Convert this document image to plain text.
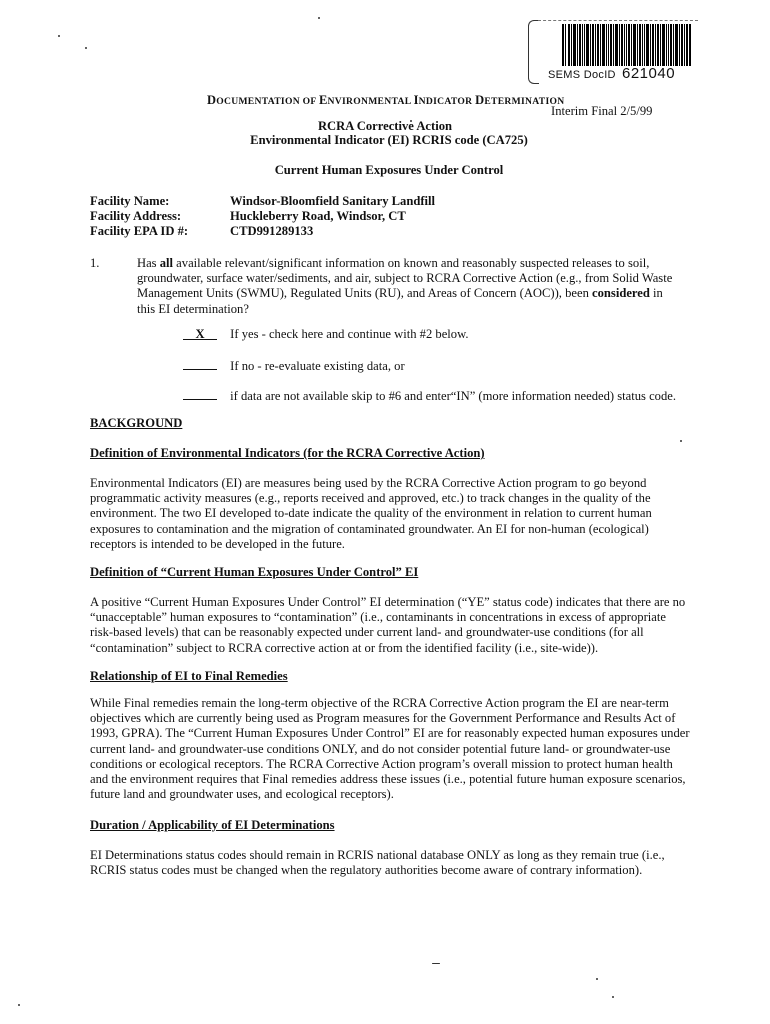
SEMS DocID 621040
DOCUMENTATION OF ENVIRONMENTAL INDICATOR DETERMINATION
Interim Final 2/5/99
RCRA Corrective Action
Environmental Indicator (EI) RCRIS code (CA725)
Current Human Exposures Under Control
Facility Name:	Windsor-Bloomfield Sanitary Landfill
Facility Address:	Huckleberry Road, Windsor, CT
Facility EPA ID #:	CTD991289133
1.	Has all available relevant/significant information on known and reasonably suspected releases to soil, groundwater, surface water/sediments, and air, subject to RCRA Corrective Action (e.g., from Solid Waste Management Units (SWMU), Regulated Units (RU), and Areas of Concern (AOC)), been considered in this EI determination?

X If yes - check here and continue with #2 below.
If no - re-evaluate existing data, or
if data are not available skip to #6 and enter“IN” (more information needed) status code.
BACKGROUND
Definition of Environmental Indicators (for the RCRA Corrective Action)

Environmental Indicators (EI) are measures being used by the RCRA Corrective Action program to go beyond programmatic activity measures (e.g., reports received and approved, etc.) to track changes in the quality of the environment. The two EI developed to-date indicate the quality of the environment in relation to current human exposures to contamination and the migration of contaminated groundwater. An EI for non-human (ecological) receptors is intended to be developed in the future.

Definition of “Current Human Exposures Under Control” EI

A positive “Current Human Exposures Under Control” EI determination (“YE” status code) indicates that there are no “unacceptable” human exposures to “contamination” (i.e., contaminants in concentrations in excess of appropriate risk-based levels) that can be reasonably expected under current land- and groundwater-use conditions (for all “contamination” subject to RCRA corrective action at or from the identified facility (i.e., site-wide)).

Relationship of EI to Final Remedies

While Final remedies remain the long-term objective of the RCRA Corrective Action program the EI are near-term objectives which are currently being used as Program measures for the Government Performance and Results Act of 1993, GPRA). The “Current Human Exposures Under Control” EI are for reasonably expected human exposures under current land- and groundwater-use conditions ONLY, and do not consider potential future land- or groundwater-use conditions or ecological receptors. The RCRA Corrective Action program’s overall mission to protect human health and the environment requires that Final remedies address these issues (i.e., potential future human exposure scenarios, future land and groundwater uses, and ecological receptors).

Duration / Applicability of EI Determinations

EI Determinations status codes should remain in RCRIS national database ONLY as long as they remain true (i.e., RCRIS status codes must be changed when the regulatory authorities become aware of contrary information).
